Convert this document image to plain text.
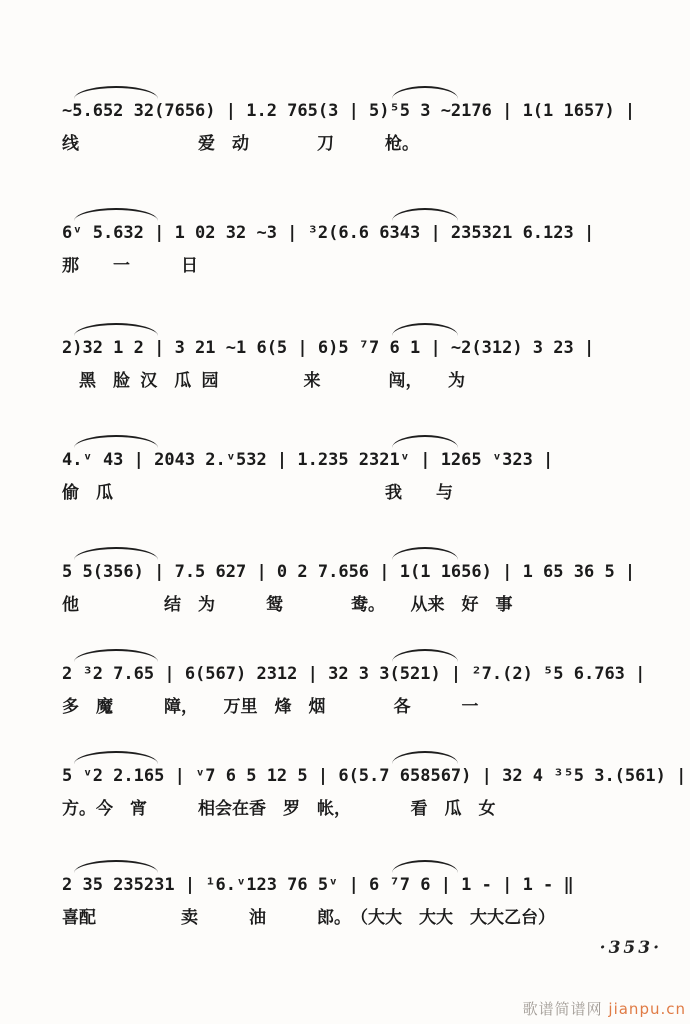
~5.652 32(7656) | 1.2 765(3 | 5)⁵5 3 ~2176 | 1(1 1657) |
线　　　　　　　爱　动　　　　刀　　　枪。
6ᵛ 5.632 | 1 02 32 ~3 | ³2(6.6 6343 | 235321 6.123 |
那　　一　　　日
2)32 1 2 | 3 21 ~1 6(5 | 6)5 ⁷7 6 1 | ~2(312) 3 23 |
　黑　脸 汉　瓜 园　　　　　来　　　　闯，　　为
4.ᵛ 43 | 2043 2.ᵛ532 | 1.235 2321ᵛ | 1265 ᵛ323 |
偷　瓜　　　　　　　　　　　　　　　　我　　与
5 5(356) | 7.5 627 | 0 2 7.656 | 1(1 1656) | 1 65 36 5 |
他　　　　　结　为　　　鸳　　　　鸯。　　从来　好　事
2 ³2 7.65 | 6(567) 2312 | 32 3 3(521) | ²7.(2) ⁵5 6.763 |
多　魔　　　障，　　万里　烽　烟　　　　各　　　一
5 ᵛ2 2.165 | ᵛ7 6 5 12 5 | 6(5.7 658567) | 32 4 ³⁵5 3.(561) |
方。今　宵　　　相会在香　罗　帐，　　　　看　瓜　女
2 35 235231 | ¹6.ᵛ123 76 5ᵛ | 6 ⁷7 6 | 1 - | 1 - ‖
喜配　　　　　卖　　　油　　　郎。　（大大　大大　大大乙台）
·353·
歌谱简谱网 jianpu.cn
